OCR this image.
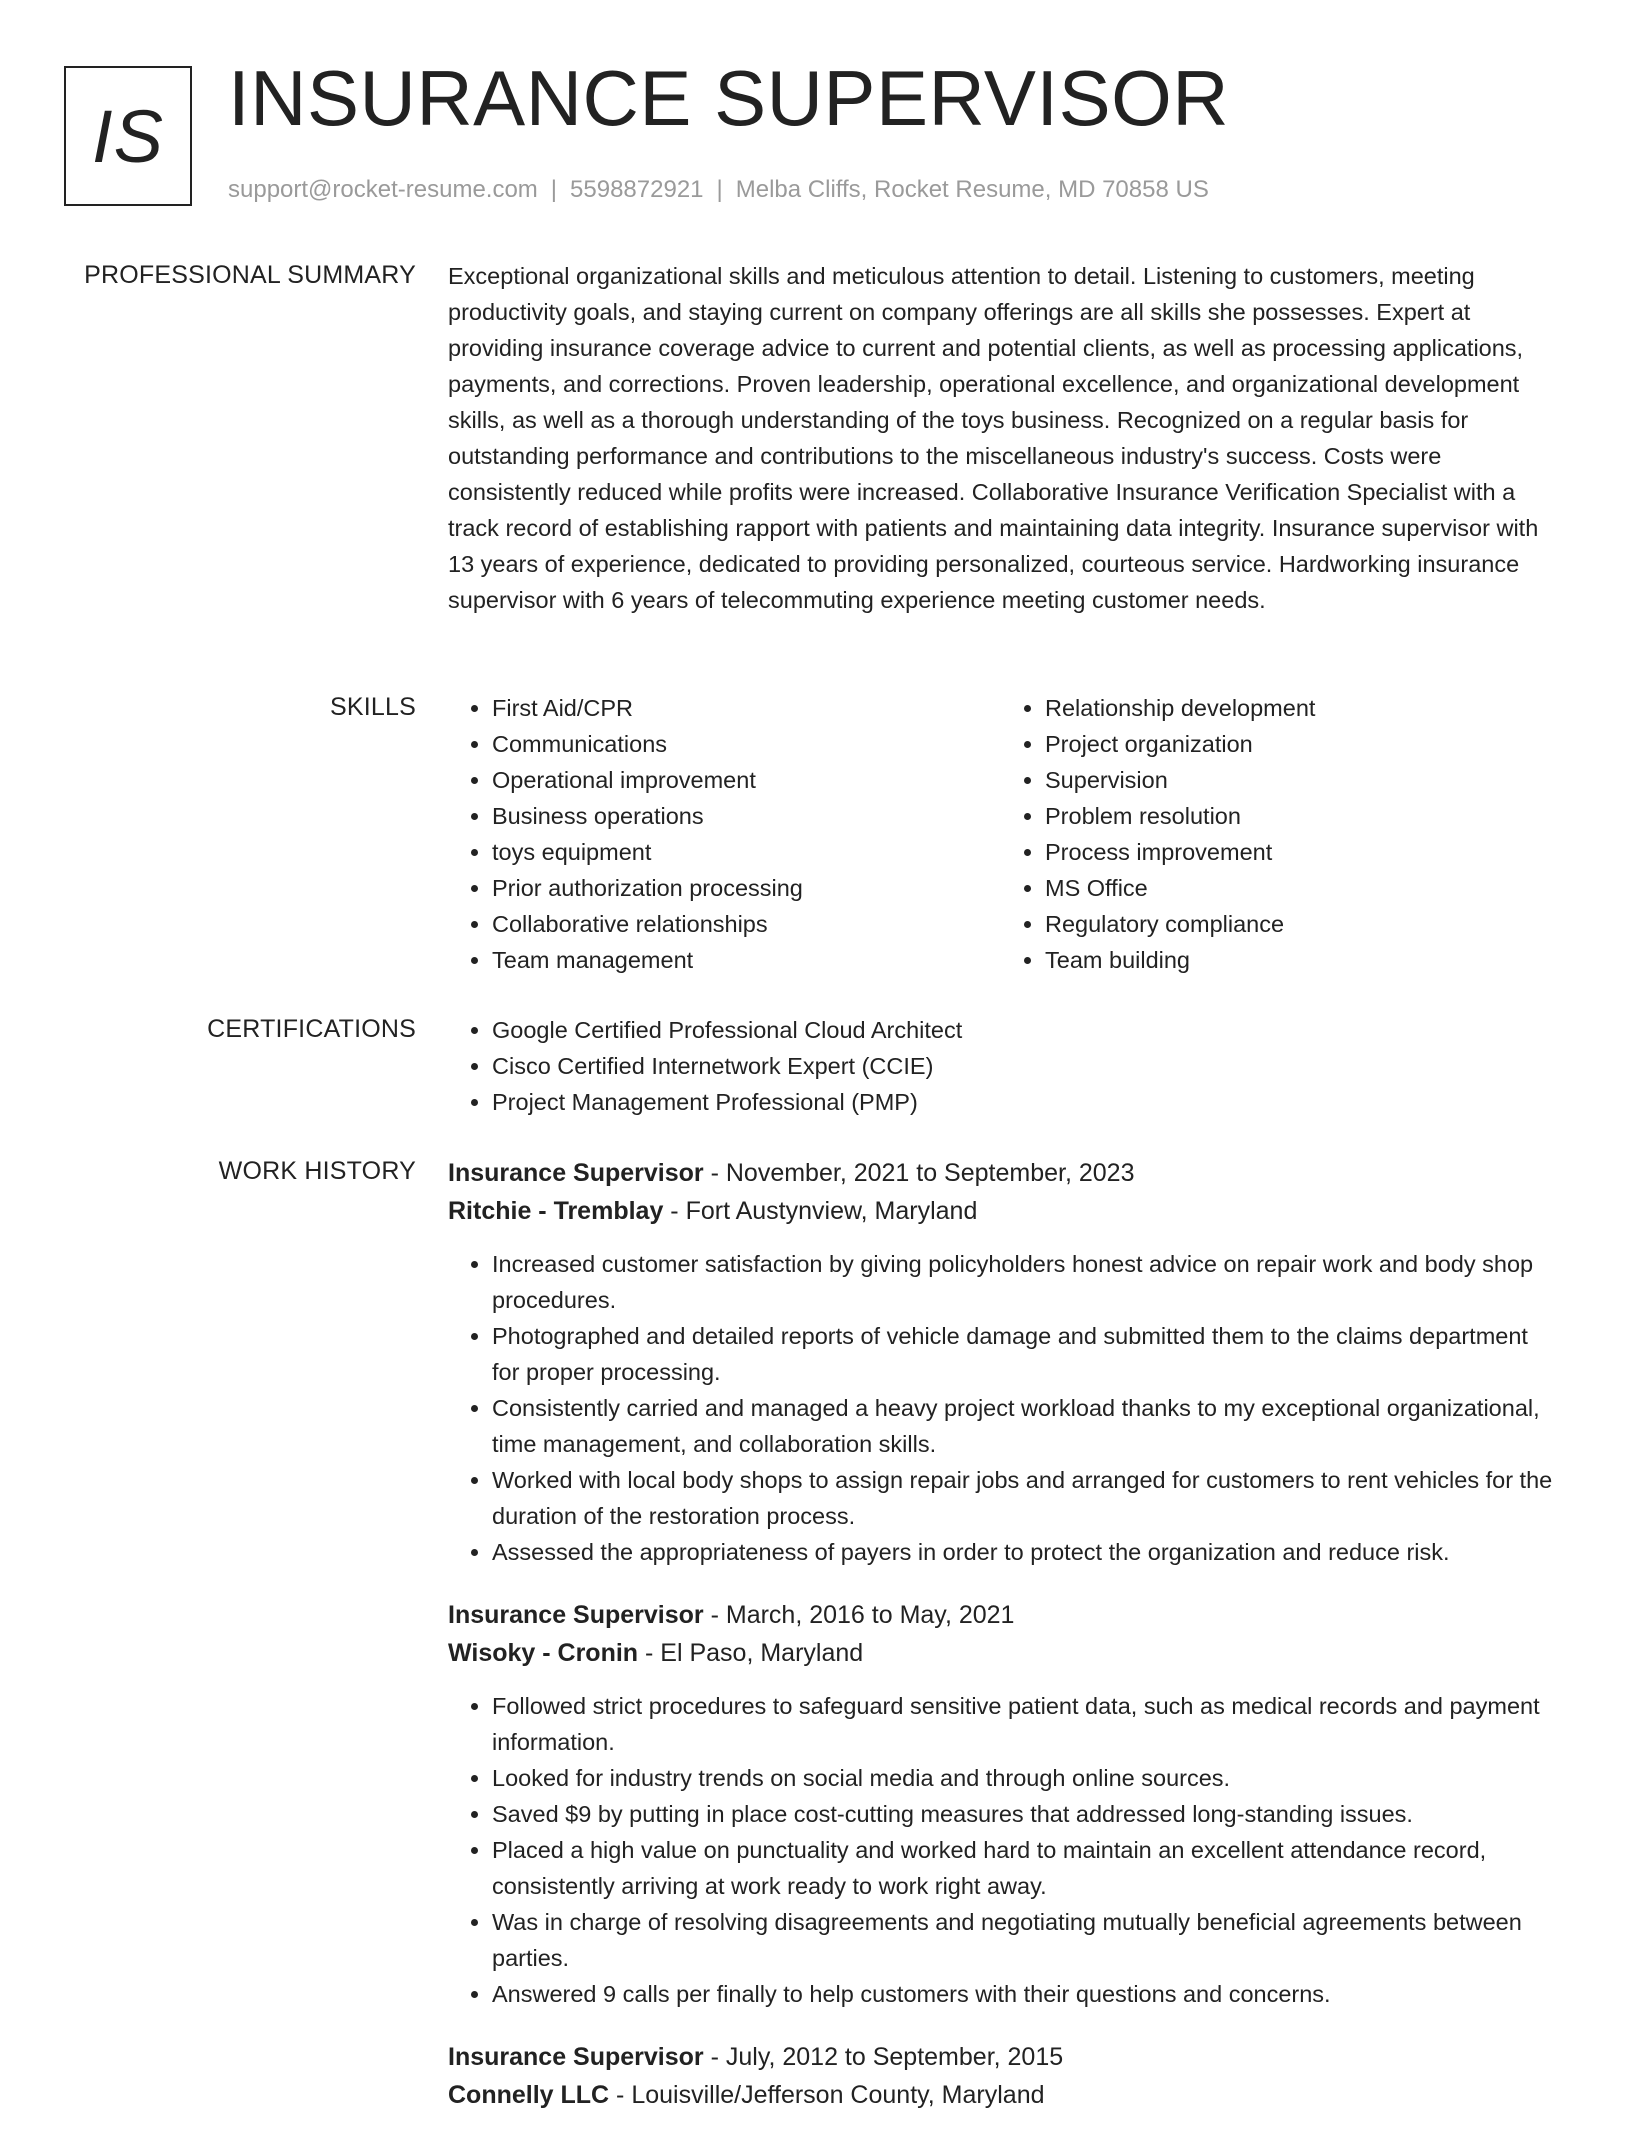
IS INSURANCE SUPERVISOR
support@rocket-resume.com | 5598872921 | Melba Cliffs, Rocket Resume, MD 70858 US
PROFESSIONAL SUMMARY Exceptional organizational skills and meticulous attention to detail. Listening to customers, meeting productivity goals, and staying current on company offerings are all skills she possesses. Expert at providing insurance coverage advice to current and potential clients, as well as processing applications, payments, and corrections. Proven leadership, operational excellence, and organizational development skills, as well as a thorough understanding of the toys business. Recognized on a regular basis for outstanding performance and contributions to the miscellaneous industry's success. Costs were consistently reduced while profits were increased. Collaborative Insurance Verification Specialist with a track record of establishing rapport with patients and maintaining data integrity. Insurance supervisor with 13 years of experience, dedicated to providing personalized, courteous service. Hardworking insurance supervisor with 6 years of telecommuting experience meeting customer needs.

SKILLS	• First Aid/CPR
• Communications
• Operational improvement
• Business operations
• toys equipment
• Prior authorization processing
• Collaborative relationships
• Team management
• Relationship development
• Project organization
• Supervision
• Problem resolution
• Process improvement
• MS Office
• Regulatory compliance
• Team building
CERTIFICATIONS	• Google Certified Professional Cloud Architect
• Cisco Certified Internetwork Expert (CCIE)
• Project Management Professional (PMP)
WORK HISTORY Insurance Supervisor - November, 2021 to September, 2023
Ritchie - Tremblay - Fort Austynview, Maryland
• Increased customer satisfaction by giving policyholders honest advice on repair work and body shop procedures.
• Photographed and detailed reports of vehicle damage and submitted them to the claims department for proper processing.
• Consistently carried and managed a heavy project workload thanks to my exceptional organizational, time management, and collaboration skills.
• Worked with local body shops to assign repair jobs and arranged for customers to rent vehicles for the duration of the restoration process.
• Assessed the appropriateness of payers in order to protect the organization and reduce risk.
Insurance Supervisor - March, 2016 to May, 2021
Wisoky - Cronin - El Paso, Maryland
• Followed strict procedures to safeguard sensitive patient data, such as medical records and payment information.
• Looked for industry trends on social media and through online sources.
• Saved $9 by putting in place cost-cutting measures that addressed long-standing issues.
• Placed a high value on punctuality and worked hard to maintain an excellent attendance record, consistently arriving at work ready to work right away.
• Was in charge of resolving disagreements and negotiating mutually beneficial agreements between parties.
• Answered 9 calls per finally to help customers with their questions and concerns.
Insurance Supervisor - July, 2012 to September, 2015
Connelly LLC - Louisville/Jefferson County, Maryland
